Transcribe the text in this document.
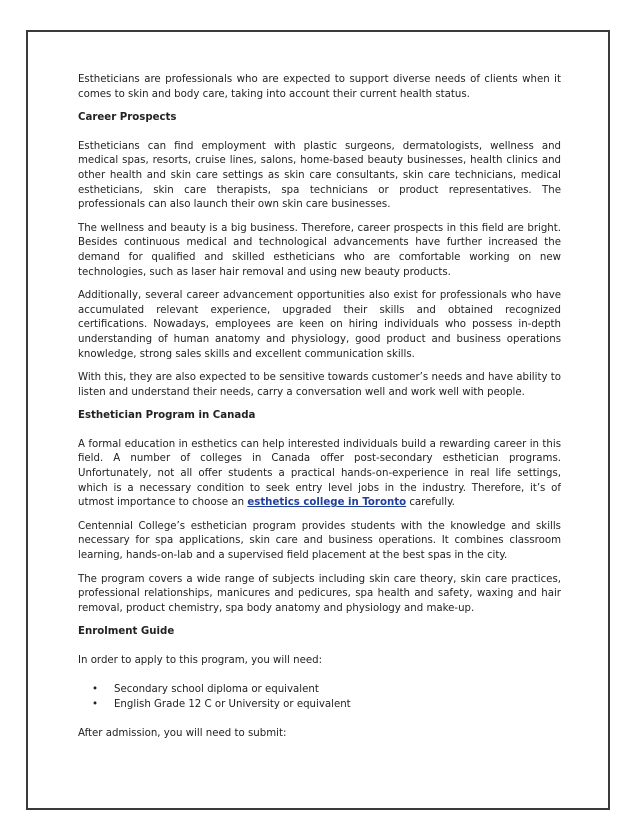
Estheticians are professionals who are expected to support diverse needs of clients when it comes to skin and body care, taking into account their current health status.

Career Prospects

Estheticians can find employment with plastic surgeons, dermatologists, wellness and medical spas, resorts, cruise lines, salons, home-based beauty businesses, health clinics and other health and skin care settings as skin care consultants, skin care technicians, medical estheticians, skin care therapists, spa technicians or product representatives. The professionals can also launch their own skin care businesses.

The wellness and beauty is a big business. Therefore, career prospects in this field are bright. Besides continuous medical and technological advancements have further increased the demand for qualified and skilled estheticians who are comfortable working on new technologies, such as laser hair removal and using new beauty products.

Additionally, several career advancement opportunities also exist for professionals who have accumulated relevant experience, upgraded their skills and obtained recognized certifications. Nowadays, employees are keen on hiring individuals who possess in-depth understanding of human anatomy and physiology, good product and business operations knowledge, strong sales skills and excellent communication skills.

With this, they are also expected to be sensitive towards customer’s needs and have ability to listen and understand their needs, carry a conversation well and work well with people.

Esthetician Program in Canada

A formal education in esthetics can help interested individuals build a rewarding career in this field. A number of colleges in Canada offer post-secondary esthetician programs. Unfortunately, not all offer students a practical hands-on-experience in real life settings, which is a necessary condition to seek entry level jobs in the industry. Therefore, it’s of utmost importance to choose an esthetics college in Toronto carefully.

Centennial College’s esthetician program provides students with the knowledge and skills necessary for spa applications, skin care and business operations. It combines classroom learning, hands-on-lab and a supervised field placement at the best spas in the city.

The program covers a wide range of subjects including skin care theory, skin care practices, professional relationships, manicures and pedicures, spa health and safety, waxing and hair removal, product chemistry, spa body anatomy and physiology and make-up.

Enrolment Guide

In order to apply to this program, you will need:

• Secondary school diploma or equivalent
• English Grade 12 C or University or equivalent

After admission, you will need to submit:
